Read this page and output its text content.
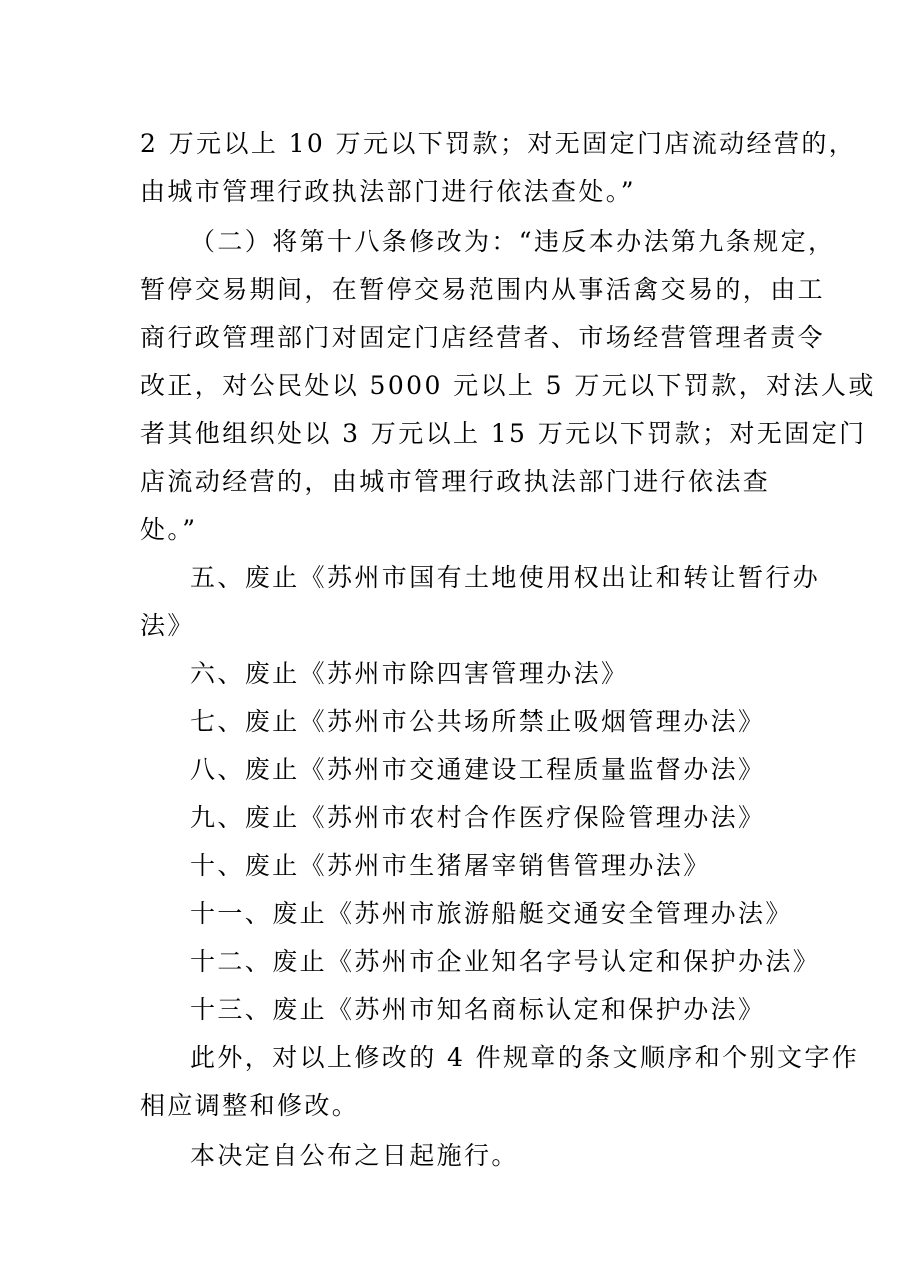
2 万元以上 10 万元以下罚款；对无固定门店流动经营的，
由城市管理行政执法部门进行依法查处。”
（二）将第十八条修改为：“违反本办法第九条规定，
暂停交易期间，在暂停交易范围内从事活禽交易的，由工
商行政管理部门对固定门店经营者、市场经营管理者责令
改正，对公民处以 5000 元以上 5 万元以下罚款，对法人或
者其他组织处以 3 万元以上 15 万元以下罚款；对无固定门
店流动经营的，由城市管理行政执法部门进行依法查
处。”
五、废止《苏州市国有土地使用权出让和转让暂行办
法》
六、废止《苏州市除四害管理办法》
七、废止《苏州市公共场所禁止吸烟管理办法》
八、废止《苏州市交通建设工程质量监督办法》
九、废止《苏州市农村合作医疗保险管理办法》
十、废止《苏州市生猪屠宰销售管理办法》
十一、废止《苏州市旅游船艇交通安全管理办法》
十二、废止《苏州市企业知名字号认定和保护办法》
十三、废止《苏州市知名商标认定和保护办法》
此外，对以上修改的 4 件规章的条文顺序和个别文字作
相应调整和修改。
本决定自公布之日起施行。
